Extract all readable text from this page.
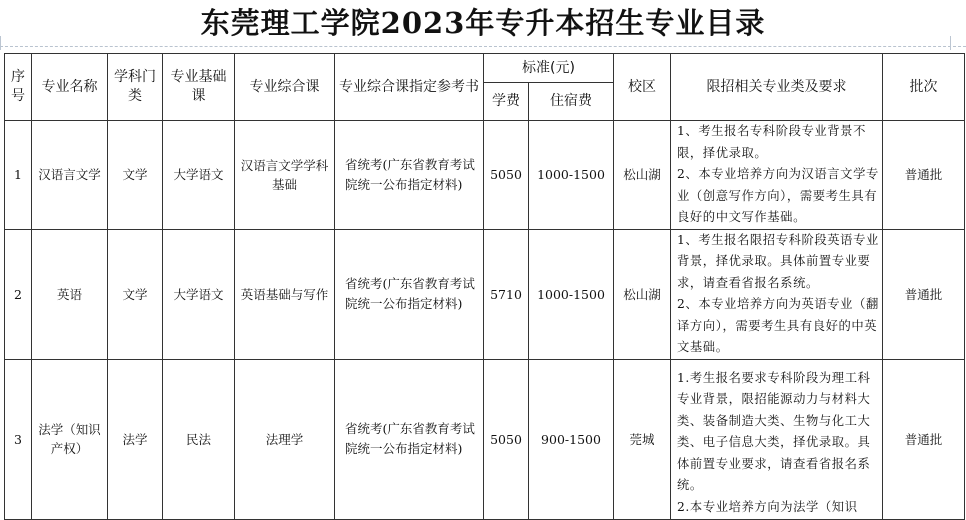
东莞理工学院2023年专升本招生专业目录
序号	专业名称	学科门类	专业基础课	专业综合课	专业综合课指定参考书	标准(元)		校区	限招相关专业类及要求	批次
						学费	住宿费			
1	汉语言文学	文学	大学语文	汉语言文学学科基础	省统考(广东省教育考试院统一公布指定材料)	5050	1000-1500	松山湖	1、考生报名专科阶段专业背景不限，择优录取。

2、本专业培养方向为汉语言文学专业（创意写作方向），需要考生具有良好的中文写作基础。	普通批
2	英语	文学	大学语文	英语基础与写作	省统考(广东省教育考试院统一公布指定材料)	5710	1000-1500	松山湖	1、考生报名限招专科阶段英语专业背景，择优录取。具体前置专业要求，请查看省报名系统。

2、本专业培养方向为英语专业（翻译方向），需要考生具有良好的中英文基础。	普通批
3	法学（知识产权）	法学	民法	法理学	省统考(广东省教育考试院统一公布指定材料)	5050	900-1500	莞城	1.考生报名要求专科阶段为理工科专业背景，限招能源动力与材料大类、装备制造大类、生物与化工大类、电子信息大类，择优录取。具体前置专业要求，请查看省报名系统。

2.本专业培养方向为法学（知识	普通批
